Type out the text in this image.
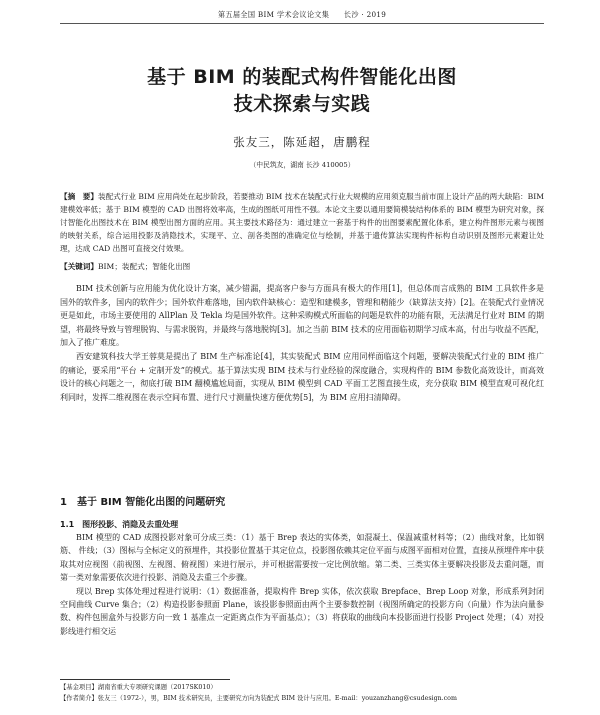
第五届全国 BIM 学术会议论文集 长沙 · 2019
基于 BIM 的装配式构件智能化出图
技术探索与实践
张友三，陈延超，唐鹏程
（中民筑友，湖南 长沙 410005）
【摘　要】装配式行业 BIM 应用尚处在起步阶段，若要推动 BIM 技术在装配式行业大规模的应用须克服当前市面上设计产品的两大缺陷：BIM 建模效率低；基于 BIM 模型的 CAD 出图将效率高，生成的图纸可用性不强。本论文主要以通用要简模装结构体系的 BIM 模型为研究对象，探讨智能化出图技术在 BIM 模型出图方面的应用。其主要技术路径为：通过建立一套基于构件的出图要素配置化体系，建立构件图形元素与视图的映射关系，综合运用投影及消隐技术，实现平、立、剖各类图的准确定位与绘制，并基于遗传算法实现构件标构自动识别及图形元素避让处理，达成 CAD 出图可直接交付效果。
【关键词】BIM；装配式；智能化出图

BIM 技术创新与应用能为优化设计方案，减少错漏，提高客户参与方面具有极大的作用[1]，但总体而言成熟的 BIM 工具软件多是国外的软件多，国内的软件少；国外软件难落地，国内软件缺核心：造型和建模多，管理和精能少（缺算法支持）[2]。在装配式行业情况更是如此，市场主要使用的 AllPlan 及 Tekla 均是国外软件。这种采购模式所面临的问题是软件的功能有限，无法满足行业对 BIM 的期望，将最终导致与管理脱钩、与需求脱钩，并最终与落地脱钩[3]。加之当前 BIM 技术的应用面临初期学习成本高，付出与收益不匹配，加入了推广难度。

西安建筑科技大学王蓉莫是提出了 BIM 生产标准论[4]，其实装配式 BIM 应用同样面临这个问题，要解决装配式行业的 BIM 推广的痛论，要采用“平台 + 定制开发”的模式。基于算法实现 BIM 技术与行业经验的深度融合，实现构件的 BIM 参数化高效设计，而高效设计的核心问题之一，彻底打破 BIM 翻模尴尬局面，实现从 BIM 模型到 CAD 平面工艺图直接生成，充分获取 BIM 模型直观可视化红利同时，发挥二维视图在表示空间布置、进行尺寸测量快速方便优势[5]，为 BIM 应用扫清障碍。

1　基于 BIM 智能化出图的问题研究
1.1　图形投影、消隐及去重处理

BIM 模型的 CAD 成图投影对象可分成三类：（1）基于 Brep 表达的实体类，如混凝土、保温减重材料等；（2）曲线对象，比如钢筋、 件线；（3）图标与全标定义的预埋件，其投影位置基于其定位点，投影图依赖其定位平面与成图平面相对位置，直接从预埋件库中获取其对应视图（前视图、左视图、俯视图）来进行展示，并可根据需要按一定比例放缩。第二类、三类实体主要解决投影及去重问题，而第一类对象需要依次进行投影、消隐及去重三个步骤。

现以 Brep 实体处理过程进行说明：（1）数据准备，提取构件 Brep 实体，依次获取 Brepface、Brep Loop 对象，形成系列封闭空间曲线 Curve 集合；（2）构造投影参照面 Plane，该投影参照面由两个主要参数控制（视图所确定的投影方向（向量）作为法向量参数、构件包围盒外与投影方向一致 1 基准点一定距离点作为平面基点）；（3）将获取的曲线向本投影面进行投影 Project 处理；（4）对投影线进行相交运

【基金项目】湖南省重大专项研究课题（2017SK010）
【作者简介】张友三（1972-），男，BIM 技术研究员，主要研究方向为装配式 BIM 设计与应用。E-mail：youzanzhang@csudesign.com
